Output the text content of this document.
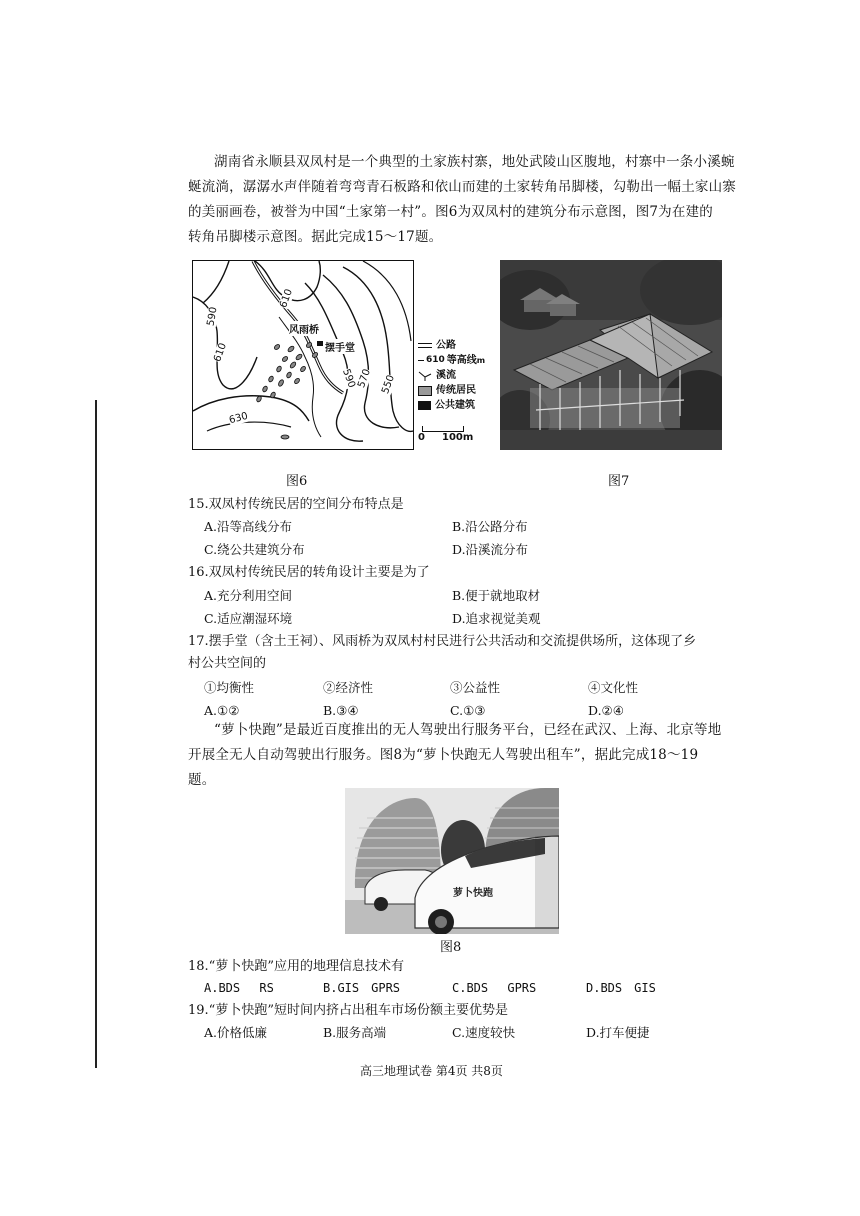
湖南省永顺县双凤村是一个典型的土家族村寨，地处武陵山区腹地，村寨中一条小溪蜿
蜒流淌，潺潺水声伴随着弯弯青石板路和依山而建的土家转角吊脚楼，勾勒出一幅土家山寨
的美丽画卷，被誉为中国“土家第一村”。图6为双凤村的建筑分布示意图，图7为在建的
转角吊脚楼示意图。据此完成15～17题。
610
590
610
630
590 570 550
风雨桥
摆手堂	公路
610 等高线 m
溪流
传统居民
公共建筑
0 100m
图6	图7
15.双凤村传统民居的空间分布特点是
A.沿等高线分布	B.沿公路分布
C.绕公共建筑分布	D.沿溪流分布
16.双凤村传统民居的转角设计主要是为了
A.充分利用空间	B.便于就地取材
C.适应潮湿环境	D.追求视觉美观
17.摆手堂（含土王祠）、风雨桥为双凤村村民进行公共活动和交流提供场所，这体现了乡
村公共空间的
①均衡性	②经济性	③公益性	④文化性
A.①②	B.③④	C.①③	D.②④
“萝卜快跑”是最近百度推出的无人驾驶出行服务平台，已经在武汉、上海、北京等地
开展全无人自动驾驶出行服务。图8为“萝卜快跑无人驾驶出租车”，据此完成18～19
题。
萝卜快跑
图8
18.“萝卜快跑”应用的地理信息技术有
A.BDS　 RS	B.GIS　GPRS	C.BDS　 GPRS	D.BDS　GIS
19.“萝卜快跑”短时间内挤占出租车市场份额主要优势是
A.价格低廉	B.服务高端	C.速度较快	D.打车便捷
高三地理试卷 第4页 共8页
